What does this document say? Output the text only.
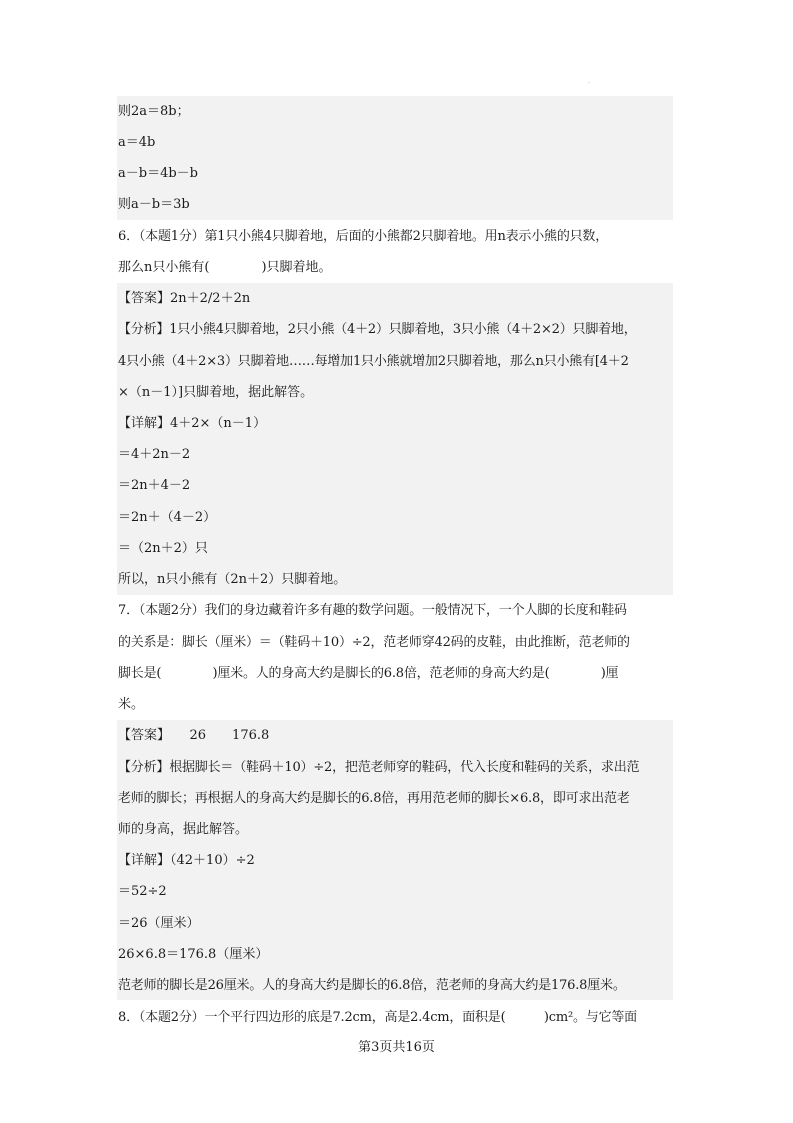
·
则2a＝8b；
a＝4b
a－b＝4b－b
则a－b＝3b
6．（本题1分）第1只小熊4只脚着地，后面的小熊都2只脚着地。用n表示小熊的只数，
那么n只小熊有(　　　　)只脚着地。
【答案】2n＋2/2＋2n
【分析】1只小熊4只脚着地，2只小熊（4＋2）只脚着地，3只小熊（4＋2×2）只脚着地，
4只小熊（4＋2×3）只脚着地……每增加1只小熊就增加2只脚着地，那么n只小熊有[4＋2
×（n－1）]只脚着地，据此解答。
【详解】4＋2×（n－1）
＝4＋2n－2
＝2n＋4－2
＝2n＋（4－2）
＝（2n＋2）只
所以，n只小熊有（2n＋2）只脚着地。
7．（本题2分）我们的身边藏着许多有趣的数学问题。一般情况下，一个人脚的长度和鞋码
的关系是：脚长（厘米）＝（鞋码＋10）÷2，范老师穿42码的皮鞋，由此推断，范老师的
脚长是(　　　　)厘米。人的身高大约是脚长的6.8倍，范老师的身高大约是(　　　　)厘
米。
【答案】　　26　　176.8
【分析】根据脚长＝（鞋码＋10）÷2，把范老师穿的鞋码，代入长度和鞋码的关系，求出范
老师的脚长；再根据人的身高大约是脚长的6.8倍，再用范老师的脚长×6.8，即可求出范老
师的身高，据此解答。
【详解】（42＋10）÷2
＝52÷2
＝26（厘米）
26×6.8＝176.8（厘米）
范老师的脚长是26厘米。人的身高大约是脚长的6.8倍，范老师的身高大约是176.8厘米。
8．（本题2分）一个平行四边形的底是7.2cm，高是2.4cm，面积是(　　　)cm²。与它等面
第3页共16页
